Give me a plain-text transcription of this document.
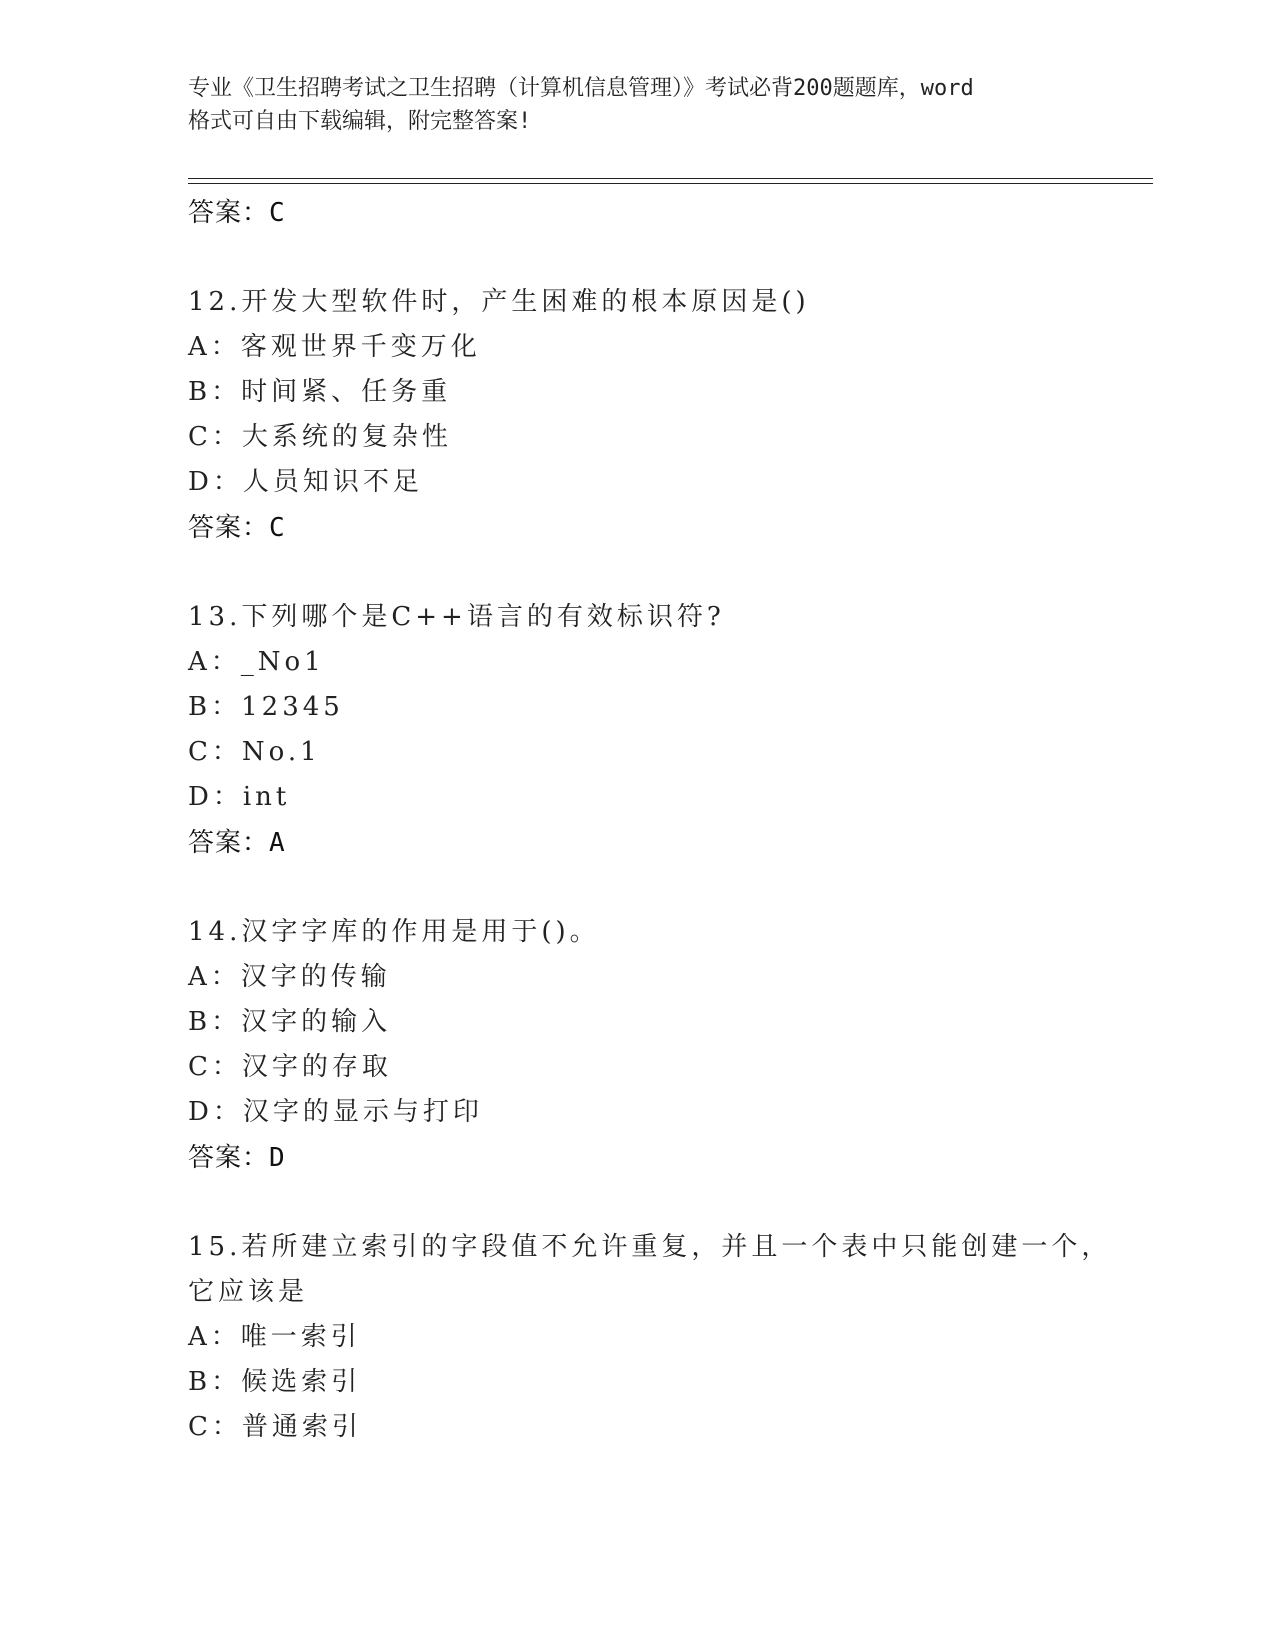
专业《卫生招聘考试之卫生招聘（计算机信息管理）》考试必背200题题库，word
格式可自由下载编辑，附完整答案!
答案：C
12.开发大型软件时，产生困难的根本原因是()
A：客观世界千变万化
B：时间紧、任务重
C：大系统的复杂性
D：人员知识不足
答案：C
13.下列哪个是C++语言的有效标识符?
A：_No1
B：12345
C：No.1
D：int
答案：A
14.汉字字库的作用是用于()。
A：汉字的传输
B：汉字的输入
C：汉字的存取
D：汉字的显示与打印
答案：D
15.若所建立索引的字段值不允许重复，并且一个表中只能创建一个，
它应该是
A：唯一索引
B：候选索引
C：普通索引
